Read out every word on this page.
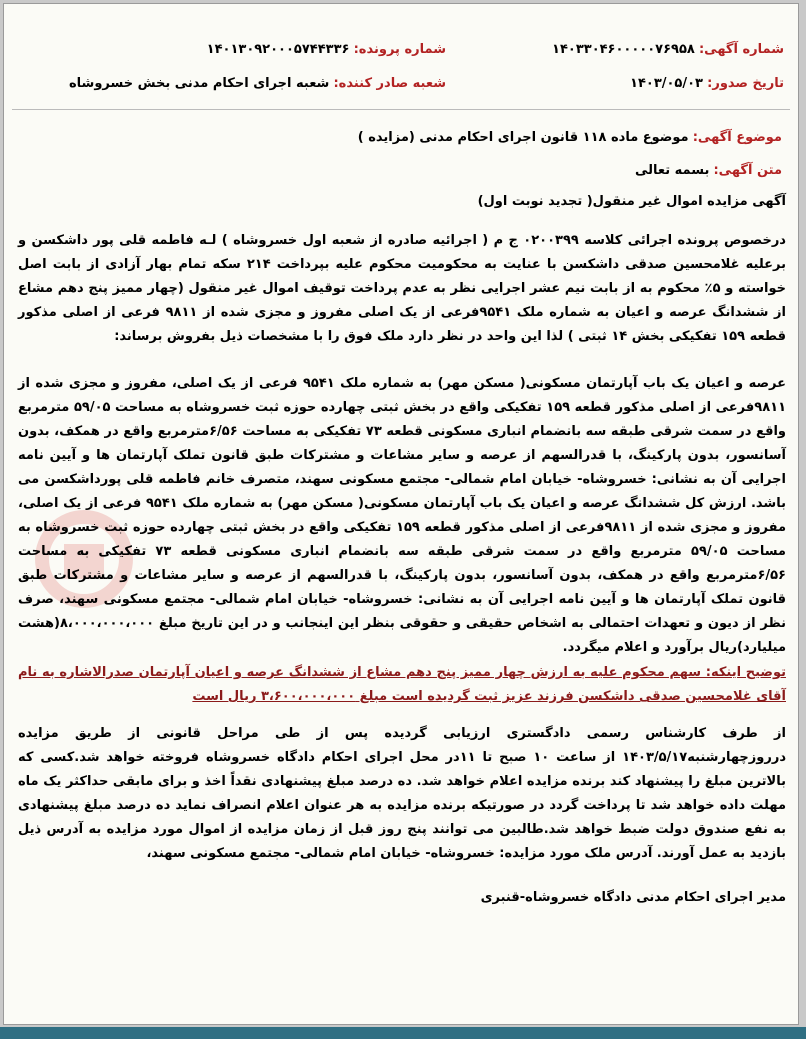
شماره آگهی: ۱۴۰۳۳۰۴۶۰۰۰۰۰۷۶۹۵۸
شماره پرونده: ۱۴۰۱۳۰۹۲۰۰۰۵۷۴۴۳۳۶
تاریخ صدور: ۱۴۰۳/۰۵/۰۳
شعبه صادر کننده: شعبه اجرای احکام مدنی بخش خسروشاه
موضوع آگهی: موضوع ماده ۱۱۸ قانون اجرای احکام مدنی (مزایده )
متن آگهی: بسمه تعالی
آگهی مزایده اموال غیر منقول( تجدید نوبت اول)
درخصوص پرونده اجرائی کلاسه ۰۲۰۰۳۹۹ ج م ( اجرائیه صادره از شعبه اول خسروشاه ) لـه فاطمه قلی پور داشکسن و برعلیه غلامحسین صدقی داشکسن با عنایت به محکومیت محکوم علیه بپرداخت ۲۱۴ سکه تمام بهار آزادی از بابت اصل خواسته و ۵٪ محکوم به از بابت نیم عشر اجرایی نظر به عدم پرداخت توقیف اموال غیر منقول (چهار ممیز پنج دهم مشاع از ششدانگ عرصه و اعیان به شماره ملک ۹۵۴۱فرعی از یک اصلی مفروز و مجزی شده از ۹۸۱۱ فرعی از اصلی مذکور قطعه ۱۵۹ تفکیکی بخش ۱۴ ثبتی ) لذا این واحد در نظر دارد ملک فوق را با مشخصات ذیل بفروش برساند:
عرصه و اعیان یک باب آپارتمان مسکونی( مسکن مهر) به شماره ملک ۹۵۴۱ فرعی از یک اصلی، مفروز و مجزی شده از ۹۸۱۱فرعی از اصلی مذکور قطعه ۱۵۹ تفکیکی واقع در بخش ثبتی چهارده حوزه ثبت خسروشاه به مساحت ۵۹/۰۵ مترمربع واقع در سمت شرقی طبقه سه بانضمام انباری مسکونی قطعه ۷۳ تفکیکی به مساحت ۶/۵۶مترمربع واقع در همکف، بدون آسانسور، بدون پارکینگ، با قدرالسهم از عرصه و سایر مشاعات و مشترکات طبق قانون تملک آپارتمان ها و آیین نامه اجرایی آن به نشانی: خسروشاه- خیابان امام شمالی- مجتمع مسکونی سهند، متصرف خانم فاطمه قلی پورداشکسن می باشد. ارزش کل ششدانگ عرصه و اعیان یک باب آپارتمان مسکونی( مسکن مهر) به شماره ملک ۹۵۴۱ فرعی از یک اصلی، مفروز و مجزی شده از ۹۸۱۱فرعی از اصلی مذکور قطعه ۱۵۹ تفکیکی واقع در بخش ثبتی چهارده حوزه ثبت خسروشاه به مساحت ۵۹/۰۵ مترمربع واقع در سمت شرقی طبقه سه بانضمام انباری مسکونی قطعه ۷۳ تفکیکی به مساحت ۶/۵۶مترمربع واقع در همکف، بدون آسانسور، بدون پارکینگ، با قدرالسهم از عرصه و سایر مشاعات و مشترکات طبق قانون تملک آپارتمان ها و آیین نامه اجرایی آن به نشانی: خسروشاه- خیابان امام شمالی- مجتمع مسکونی سهند، صرف نظر از دیون و تعهدات احتمالی به اشخاص حقیقی و حقوقی بنظر این اینجانب و در این تاریخ مبلغ ۸،۰۰۰،۰۰۰،۰۰۰(هشت میلیارد)ریال برآورد و اعلام میگردد.
توضیح اینکه: سهم محکوم علیه به ارزش چهار ممیز پنج دهم مشاع از ششدانگ عرصه و اعیان آپارتمان صدرالاشاره به نام آقای غلامحسین صدقی داشکسن فرزند عزیز ثبت گردیده است مبلغ ۳،۶۰۰،۰۰۰،۰۰۰ ریال است
از طرف کارشناس رسمی دادگستری ارزیابی گردیده پس از طی مراحل قانونی از طریق مزایده درروزچهارشنبه۱۴۰۳/۵/۱۷ از ساعت ۱۰ صبح تا ۱۱در محل اجرای احکام دادگاه خسروشاه فروخته خواهد شد.کسی که بالاترین مبلغ را پیشنهاد کند برنده مزایده اعلام خواهد شد. ده درصد مبلغ پیشنهادی نقداً اخذ و برای مابقی حداکثر یک ماه مهلت داده خواهد شد تا پرداخت گردد در صورتیکه برنده مزایده به هر عنوان اعلام انصراف نماید ده درصد مبلغ پیشنهادی به نفع صندوق دولت ضبط خواهد شد.طالبین می توانند پنج روز قبل از زمان مزایده از اموال مورد مزایده به آدرس ذیل بازدید به عمل آورند. آدرس ملک مورد مزایده: خسروشاه- خیابان امام شمالی- مجتمع مسکونی سهند،
مدیر اجرای احکام مدنی دادگاه خسروشاه-قنبری
